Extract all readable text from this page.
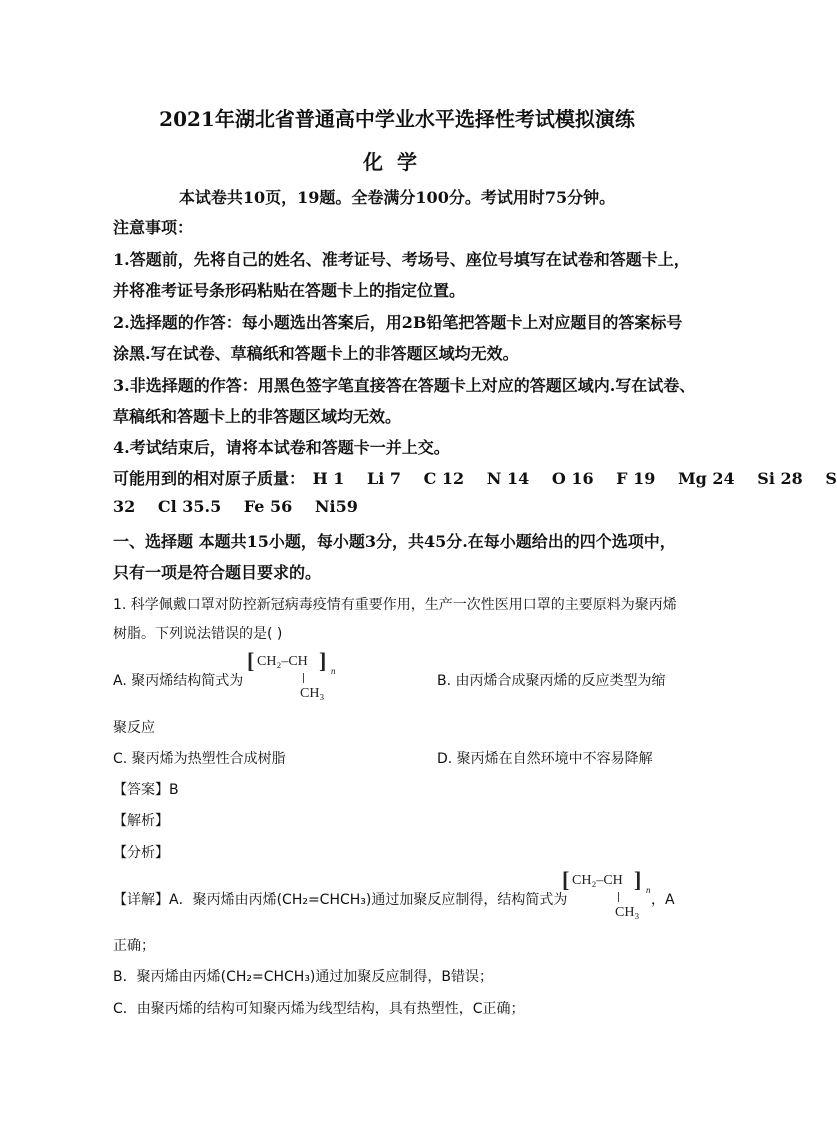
2021年湖北省普通高中学业水平选择性考试模拟演练
化学
本试卷共10页，19题。全卷满分100分。考试用时75分钟。
注意事项：
1.答题前，先将自己的姓名、准考证号、考场号、座位号填写在试卷和答题卡上，
并将准考证号条形码粘贴在答题卡上的指定位置。
2.选择题的作答：每小题选出答案后，用2B铅笔把答题卡上对应题目的答案标号
涂黑.写在试卷、草稿纸和答题卡上的非答题区域均无效。
3.非选择题的作答：用黑色签字笔直接答在答题卡上对应的答题区域内.写在试卷、
草稿纸和答题卡上的非答题区域均无效。
4.考试结束后，请将本试卷和答题卡一并上交。
可能用到的相对原子质量： H 1 Li 7 C 12 N 14 O 16 F 19 Mg 24 Si 28 S
32 Cl 35.5 Fe 56 Ni59
一、选择题 本题共15小题，每小题3分，共45分.在每小题给出的四个选项中，
只有一项是符合题目要求的。
1. 科学佩戴口罩对防控新冠病毒疫情有重要作用，生产一次性医用口罩的主要原料为聚丙烯
树脂。下列说法错误的是( )
A. 聚丙烯结构简式为
[ CH₂–CH ] n
CH₃
B. 由丙烯合成聚丙烯的反应类型为缩
聚反应
C. 聚丙烯为热塑性合成树脂	D. 聚丙烯在自然环境中不容易降解
【答案】B
【解析】
【分析】
【详解】A．聚丙烯由丙烯(CH₂=CHCH₃)通过加聚反应制得，结构简式为
[ CH₂–CH ] n
CH₃
，A
正确；
B．聚丙烯由丙烯(CH₂=CHCH₃)通过加聚反应制得，B错误；
C．由聚丙烯的结构可知聚丙烯为线型结构，具有热塑性，C正确；
